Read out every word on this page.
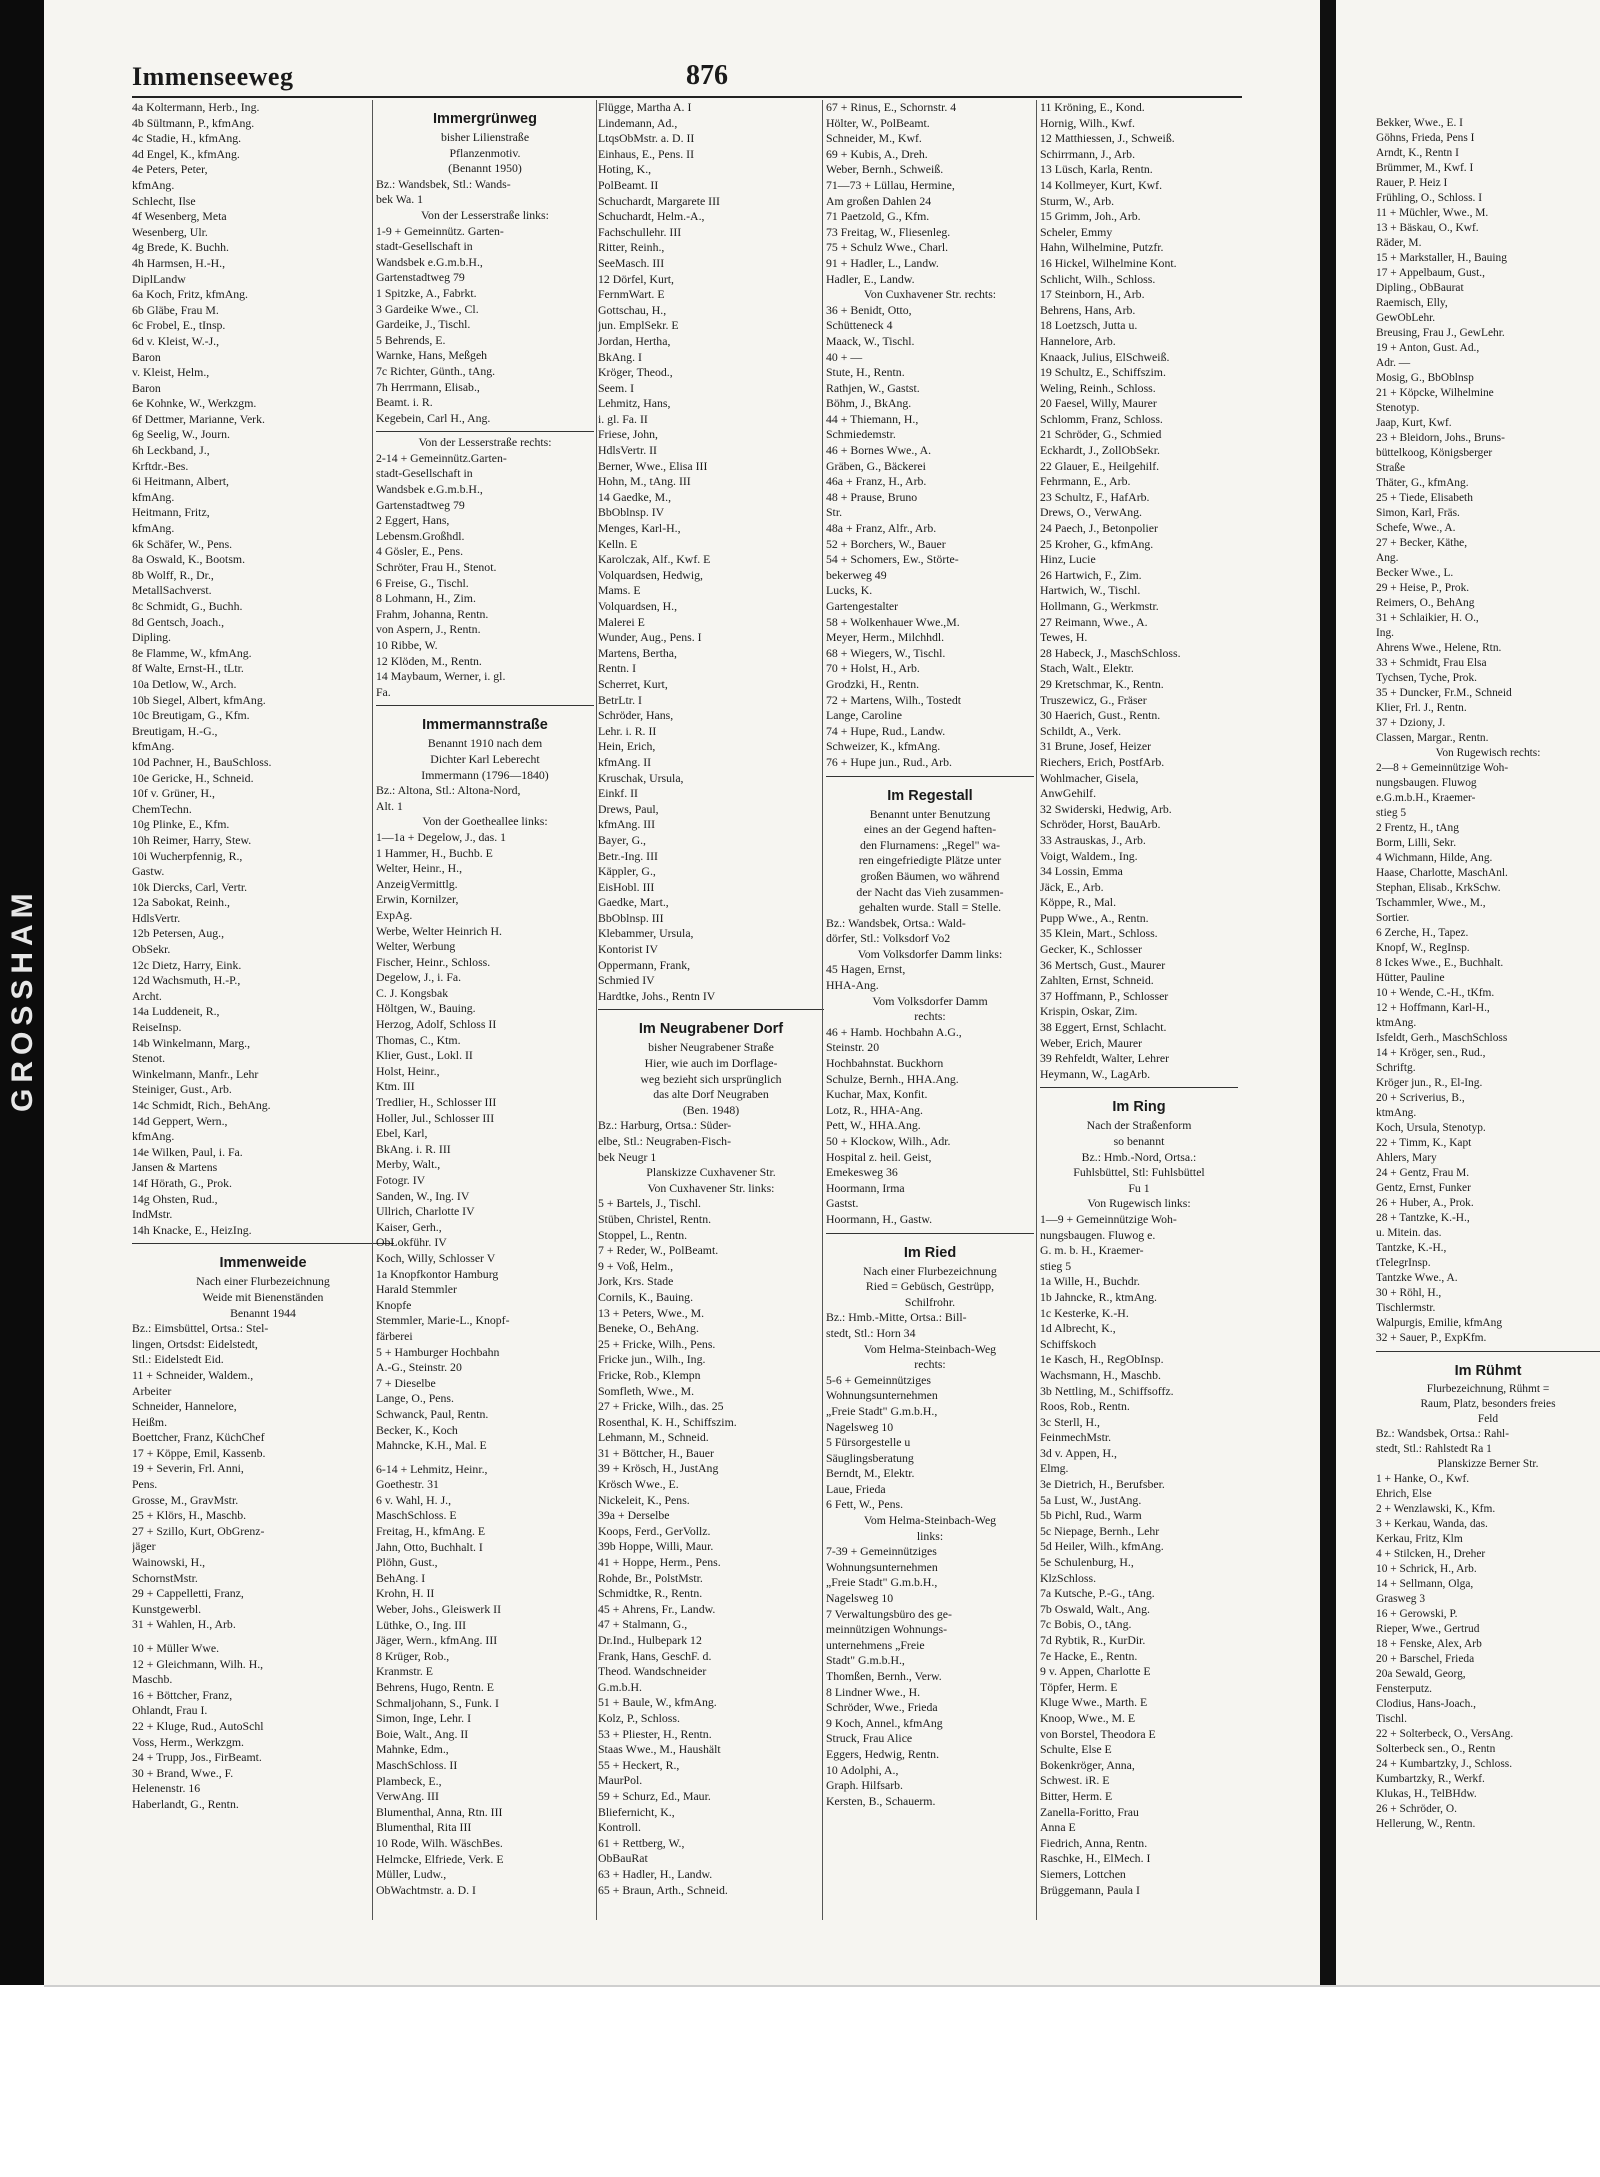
GROSSHAM
Immenseeweg	876
4a Koltermann, Herb., Ing.
4b Sültmann, P., kfmAng.
4c Stadie, H., kfmAng.
4d Engel, K., kfmAng.
4e Peters, Peter,
kfmAng.
Schlecht, Ilse
4f Wesenberg, Meta
Wesenberg, Ulr.
4g Brede, K. Buchh.
4h Harmsen, H.-H.,
DiplLandw
6a Koch, Fritz, kfmAng.
6b Gläbe, Frau M.
6c Frobel, E., tInsp.
6d v. Kleist, W.-J.,
Baron
v. Kleist, Helm.,
Baron
6e Kohnke, W., Werkzgm.
6f Dettmer, Marianne, Verk.
6g Seelig, W., Journ.
6h Leckband, J.,
Krftdr.-Bes.
6i Heitmann, Albert,
kfmAng.
Heitmann, Fritz,
kfmAng.
6k Schäfer, W., Pens.
8a Oswald, K., Bootsm.
8b Wolff, R., Dr.,
MetallSachverst.
8c Schmidt, G., Buchh.
8d Gentsch, Joach.,
Dipling.
8e Flamme, W., kfmAng.
8f Walte, Ernst-H., tLtr.
10a Detlow, W., Arch.
10b Siegel, Albert, kfmAng.
10c Breutigam, G., Kfm.
Breutigam, H.-G.,
kfmAng.
10d Pachner, H., BauSchloss.
10e Gericke, H., Schneid.
10f v. Grüner, H.,
ChemTechn.
10g Plinke, E., Kfm.
10h Reimer, Harry, Stew.
10i Wucherpfennig, R.,
Gastw.
10k Diercks, Carl, Vertr.
12a Sabokat, Reinh.,
HdlsVertr.
12b Petersen, Aug.,
ObSekr.
12c Dietz, Harry, Eink.
12d Wachsmuth, H.-P.,
Archt.
14a Luddeneit, R.,
ReiseInsp.
14b Winkelmann, Marg.,
Stenot.
Winkelmann, Manfr., Lehr
Steiniger, Gust., Arb.
14c Schmidt, Rich., BehAng.
14d Geppert, Wern.,
kfmAng.
14e Wilken, Paul, i. Fa.
Jansen & Martens
14f Hörath, G., Prok.
14g Ohsten, Rud.,
IndMstr.
14h Knacke, E., HeizIng.
Immenweide
Nach einer Flurbezeichnung
Weide mit Bienenständen
Benannt 1944
Bz.: Eimsbüttel, Ortsa.: Stel-
lingen, Ortsdst: Eidelstedt,
Stl.: Eidelstedt Eid.
11 + Schneider, Waldem.,
Arbeiter
Schneider, Hannelore,
Heißm.
Boettcher, Franz, KüchChef
17 + Köppe, Emil, Kassenb.
19 + Severin, Frl. Anni,
Pens.
Grosse, M., GravMstr.
25 + Klörs, H., Maschb.
27 + Szillo, Kurt, ObGrenz-
jäger
Wainowski, H.,
SchornstMstr.
29 + Cappelletti, Franz,
Kunstgewerbl.
31 + Wahlen, H., Arb.
10 + Müller Wwe.
12 + Gleichmann, Wilh. H.,
Maschb.
16 + Böttcher, Franz,
Ohlandt, Frau I.
22 + Kluge, Rud., AutoSchl
Voss, Herm., Werkzgm.
24 + Trupp, Jos., FirBeamt.
30 + Brand, Wwe., F.
Helenenstr. 16
Haberlandt, G., Rentn.
Immergrünweg
bisher Lilienstraße
Pflanzenmotiv.
(Benannt 1950)
Bz.: Wandsbek, Stl.: Wands-
bek Wa. 1
Von der Lesserstraße links:
1-9 + Gemeinnütz. Garten-
stadt-Gesellschaft in
Wandsbek e.G.m.b.H.,
Gartenstadtweg 79
1 Spitzke, A., Fabrkt.
3 Gardeike Wwe., Cl.
Gardeike, J., Tischl.
5 Behrends, E.
Warnke, Hans, Meßgeh
7c Richter, Günth., tAng.
7h Herrmann, Elisab.,
Beamt. i. R.
Kegebein, Carl H., Ang.
Von der Lesserstraße rechts:
2-14 + Gemeinnütz.Garten-
stadt-Gesellschaft in
Wandsbek e.G.m.b.H.,
Gartenstadtweg 79
2 Eggert, Hans,
Lebensm.Großhdl.
4 Gösler, E., Pens.
Schröter, Frau H., Stenot.
6 Freise, G., Tischl.
8 Lohmann, H., Zim.
Frahm, Johanna, Rentn.
von Aspern, J., Rentn.
10 Ribbe, W.
12 Klöden, M., Rentn.
14 Maybaum, Werner, i. gl.
Fa.
Immermannstraße
Benannt 1910 nach dem
Dichter Karl Leberecht
Immermann (1796—1840)
Bz.: Altona, Stl.: Altona-Nord,
Alt. 1
Von der Goetheallee links:
1—1a + Degelow, J., das. 1
1 Hammer, H., Buchb. E
Welter, Heinr., H.,
AnzeigVermittlg.
Erwin, Kornilzer,
ExpAg.
Werbe, Welter Heinrich H.
Welter, Werbung
Fischer, Heinr., Schloss.
Degelow, J., i. Fa.
C. J. Kongsbak
Höltgen, W., Bauing.
Herzog, Adolf, Schloss II
Thomas, C., Ktm.
Klier, Gust., Lokl. II
Holst, Heinr.,
Ktm. III
Tredlier, H., Schlosser III
Holler, Jul., Schlosser III
Ebel, Karl,
BkAng. i. R. III
Merby, Walt.,
Fotogr. IV
Sanden, W., Ing. IV
Ullrich, Charlotte IV
Kaiser, Gerh.,
ObLokführ. IV
Koch, Willy, Schlosser V
1a Knopfkontor Hamburg
Harald Stemmler
Knopfe
Stemmler, Marie-L., Knopf-
färberei
5 + Hamburger Hochbahn
A.-G., Steinstr. 20
7 + Dieselbe
Lange, O., Pens.
Schwanck, Paul, Rentn.
Becker, K., Koch
Mahncke, K.H., Mal. E
6-14 + Lehmitz, Heinr.,
Goethestr. 31
6 v. Wahl, H. J.,
MaschSchloss. E
Freitag, H., kfmAng. E
Jahn, Otto, Buchhalt. I
Plöhn, Gust.,
BehAng. I
Krohn, H. II
Weber, Johs., Gleiswerk II
Lüthke, O., Ing. III
Jäger, Wern., kfmAng. III
8 Krüger, Rob.,
Kranmstr. E
Behrens, Hugo, Rentn. E
Schmaljohann, S., Funk. I
Simon, Inge, Lehr. I
Boie, Walt., Ang. II
Mahnke, Edm.,
MaschSchloss. II
Plambeck, E.,
VerwAng. III
Blumenthal, Anna, Rtn. III
Blumenthal, Rita III
10 Rode, Wilh. WäschBes.
Helmcke, Elfriede, Verk. E
Müller, Ludw.,
ObWachtmstr. a. D. I
Flügge, Martha A. I
Lindemann, Ad.,
LtqsObMstr. a. D. II
Einhaus, E., Pens. II
Hoting, K.,
PolBeamt. II
Schuchardt, Margarete III
Schuchardt, Helm.-A.,
Fachschullehr. III
Ritter, Reinh.,
SeeMasch. III
12 Dörfel, Kurt,
FernmWart. E
Gottschau, H.,
jun. EmplSekr. E
Jordan, Hertha,
BkAng. I
Kröger, Theod.,
Seem. I
Lehmitz, Hans,
i. gl. Fa. II
Friese, John,
HdlsVertr. II
Berner, Wwe., Elisa III
Hohn, M., tAng. III
14 Gaedke, M.,
BbOblnsp. IV
Menges, Karl-H.,
Kelln. E
Karolczak, Alf., Kwf. E
Volquardsen, Hedwig,
Mams. E
Volquardsen, H.,
Malerei E
Wunder, Aug., Pens. I
Martens, Bertha,
Rentn. I
Scherret, Kurt,
BetrLtr. I
Schröder, Hans,
Lehr. i. R. II
Hein, Erich,
kfmAng. II
Kruschak, Ursula,
Einkf. II
Drews, Paul,
kfmAng. III
Bayer, G.,
Betr.-Ing. III
Käppler, G.,
EisHobl. III
Gaedke, Mart.,
BbOblnsp. III
Klebammer, Ursula,
Kontorist IV
Oppermann, Frank,
Schmied IV
Hardtke, Johs., Rentn IV
Im Neugrabener Dorf
bisher Neugrabener Straße
Hier, wie auch im Dorflage-
weg bezieht sich ursprünglich
das alte Dorf Neugraben
(Ben. 1948)
Bz.: Harburg, Ortsa.: Süder-
elbe, Stl.: Neugraben-Fisch-
bek Neugr 1
Planskizze Cuxhavener Str.
Von Cuxhavener Str. links:
5 + Bartels, J., Tischl.
Stüben, Christel, Rentn.
Stoppel, L., Rentn.
7 + Reder, W., PolBeamt.
9 + Voß, Helm.,
Jork, Krs. Stade
Cornils, K., Bauing.
13 + Peters, Wwe., M.
Beneke, O., BehAng.
25 + Fricke, Wilh., Pens.
Fricke jun., Wilh., Ing.
Fricke, Rob., Klempn
Somfleth, Wwe., M.
27 + Fricke, Wilh., das. 25
Rosenthal, K. H., Schiffszim.
Lehmann, M., Schneid.
31 + Böttcher, H., Bauer
39 + Krösch, H., JustAng
Krösch Wwe., E.
Nickeleit, K., Pens.
39a + Derselbe
Koops, Ferd., GerVollz.
39b Hoppe, Willi, Maur.
41 + Hoppe, Herm., Pens.
Rohde, Br., PolstMstr.
Schmidtke, R., Rentn.
45 + Ahrens, Fr., Landw.
47 + Stalmann, G.,
Dr.Ind., Hulbepark 12
Frank, Hans, GeschF. d.
Theod. Wandschneider
G.m.b.H.
51 + Baule, W., kfmAng.
Kolz, P., Schloss.
53 + Pliester, H., Rentn.
Staas Wwe., M., Haushält
55 + Heckert, R.,
MaurPol.
59 + Schurz, Ed., Maur.
Bliefernicht, K.,
Kontroll.
61 + Rettberg, W.,
ObBauRat
63 + Hadler, H., Landw.
65 + Braun, Arth., Schneid.
67 + Rinus, E., Schornstr. 4
Hölter, W., PolBeamt.
Schneider, M., Kwf.
69 + Kubis, A., Dreh.
Weber, Bernh., Schweiß.
71—73 + Lüllau, Hermine,
Am großen Dahlen 24
71 Paetzold, G., Kfm.
73 Freitag, W., Fliesenleg.
75 + Schulz Wwe., Charl.
91 + Hadler, L., Landw.
Hadler, E., Landw.
Von Cuxhavener Str. rechts:
36 + Benidt, Otto,
Schütteneck 4
Maack, W., Tischl.
40 + —
Stute, H., Rentn.
Rathjen, W., Gastst.
Böhm, J., BkAng.
44 + Thiemann, H.,
Schmiedemstr.
46 + Bornes Wwe., A.
Gräben, G., Bäckerei
46a + Franz, H., Arb.
48 + Prause, Bruno
Str.
48a + Franz, Alfr., Arb.
52 + Borchers, W., Bauer
54 + Schomers, Ew., Störte-
bekerweg 49
Lucks, K.
Gartengestalter
58 + Wolkenhauer Wwe.,M.
Meyer, Herm., Milchhdl.
68 + Wiegers, W., Tischl.
70 + Holst, H., Arb.
Grodzki, H., Rentn.
72 + Martens, Wilh., Tostedt
Lange, Caroline
74 + Hupe, Rud., Landw.
Schweizer, K., kfmAng.
76 + Hupe jun., Rud., Arb.
Im Regestall
Benannt unter Benutzung
eines an der Gegend haften-
den Flurnamens: „Regel" wa-
ren eingefriedigte Plätze unter
großen Bäumen, wo während
der Nacht das Vieh zusammen-
gehalten wurde. Stall = Stelle.
Bz.: Wandsbek, Ortsa.: Wald-
dörfer, Stl.: Volksdorf Vo2
Vom Volksdorfer Damm links:
45 Hagen, Ernst,
HHA-Ang.
Vom Volksdorfer Damm
rechts:
46 + Hamb. Hochbahn A.G.,
Steinstr. 20
Hochbahnstat. Buckhorn
Schulze, Bernh., HHA.Ang.
Kuchar, Max, Konfit.
Lotz, R., HHA-Ang.
Pett, W., HHA.Ang.
50 + Klockow, Wilh., Adr.
Hospital z. heil. Geist,
Emekesweg 36
Hoormann, Irma
Gastst.
Hoormann, H., Gastw.
Im Ried
Nach einer Flurbezeichnung
Ried = Gebüsch, Gestrüpp,
Schilfrohr.
Bz.: Hmb.-Mitte, Ortsa.: Bill-
stedt, Stl.: Horn 34
Vom Helma-Steinbach-Weg
rechts:
5-6 + Gemeinnütziges
Wohnungsunternehmen
„Freie Stadt" G.m.b.H.,
Nagelsweg 10
5 Fürsorgestelle u
Säuglingsberatung
Berndt, M., Elektr.
Laue, Frieda
6 Fett, W., Pens.
Vom Helma-Steinbach-Weg
links:
7-39 + Gemeinnütziges
Wohnungsunternehmen
„Freie Stadt" G.m.b.H.,
Nagelsweg 10
7 Verwaltungsbüro des ge-
meinnützigen Wohnungs-
unternehmens „Freie
Stadt" G.m.b.H.,
Thomßen, Bernh., Verw.
8 Lindner Wwe., H.
Schröder, Wwe., Frieda
9 Koch, Annel., kfmAng
Struck, Frau Alice
Eggers, Hedwig, Rentn.
10 Adolphi, A.,
Graph. Hilfsarb.
Kersten, B., Schauerm.
11 Kröning, E., Kond.
Hornig, Wilh., Kwf.
12 Matthiessen, J., Schweiß.
Schirrmann, J., Arb.
13 Lüsch, Karla, Rentn.
14 Kollmeyer, Kurt, Kwf.
Sturm, W., Arb.
15 Grimm, Joh., Arb.
Scheler, Emmy
Hahn, Wilhelmine, Putzfr.
16 Hickel, Wilhelmine Kont.
Schlicht, Wilh., Schloss.
17 Steinborn, H., Arb.
Behrens, Hans, Arb.
18 Loetzsch, Jutta u.
Hannelore, Arb.
Knaack, Julius, ElSchweiß.
19 Schultz, E., Schiffszim.
Weling, Reinh., Schloss.
20 Faesel, Willy, Maurer
Schlomm, Franz, Schloss.
21 Schröder, G., Schmied
Eckhardt, J., ZollObSekr.
22 Glauer, E., Heilgehilf.
Fehrmann, E., Arb.
23 Schultz, F., HafArb.
Drews, O., VerwAng.
24 Paech, J., Betonpolier
25 Kroher, G., kfmAng.
Hinz, Lucie
26 Hartwich, F., Zim.
Hartwich, W., Tischl.
Hollmann, G., Werkmstr.
27 Reimann, Wwe., A.
Tewes, H.
28 Habeck, J., MaschSchloss.
Stach, Walt., Elektr.
29 Kretschmar, K., Rentn.
Truszewicz, G., Fräser
30 Haerich, Gust., Rentn.
Schildt, A., Verk.
31 Brune, Josef, Heizer
Riechers, Erich, PostfArb.
Wohlmacher, Gisela,
AnwGehilf.
32 Swiderski, Hedwig, Arb.
Schröder, Horst, BauArb.
33 Astrauskas, J., Arb.
Voigt, Waldem., Ing.
34 Lossin, Emma
Jäck, E., Arb.
Köppe, R., Mal.
Pupp Wwe., A., Rentn.
35 Klein, Mart., Schloss.
Gecker, K., Schlosser
36 Mertsch, Gust., Maurer
Zahlten, Ernst, Schneid.
37 Hoffmann, P., Schlosser
Krispin, Oskar, Zim.
38 Eggert, Ernst, Schlacht.
Weber, Erich, Maurer
39 Rehfeldt, Walter, Lehrer
Heymann, W., LagArb.
Im Ring
Nach der Straßenform
so benannt
Bz.: Hmb.-Nord, Ortsa.:
Fuhlsbüttel, Stl: Fuhlsbüttel
Fu 1
Von Rugewisch links:
1—9 + Gemeinnützige Woh-
nungsbaugen. Fluwog e.
G. m. b. H., Kraemer-
stieg 5
1a Wille, H., Buchdr.
1b Jahncke, R., ktmAng.
1c Kesterke, K.-H.
1d Albrecht, K.,
Schiffskoch
1e Kasch, H., RegObInsp.
Wachsmann, H., Maschb.
3b Nettling, M., Schiffsoffz.
Roos, Rob., Rentn.
3c Sterll, H.,
FeinmechMstr.
3d v. Appen, H.,
Elmg.
3e Dietrich, H., Berufsber.
5a Lust, W., JustAng.
5b Pichl, Rud., Warm
5c Niepage, Bernh., Lehr
5d Heiler, Wilh., kfmAng.
5e Schulenburg, H.,
KlzSchloss.
7a Kutsche, P.-G., tAng.
7b Oswald, Walt., Ang.
7c Bobis, O., tAng.
7d Rybtik, R., KurDir.
7e Hacke, E., Rentn.
9 v. Appen, Charlotte E
Töpfer, Herm. E
Kluge Wwe., Marth. E
Knoop, Wwe., M. E
von Borstel, Theodora E
Schulte, Else E
Bokenkröger, Anna,
Schwest. iR. E
Bitter, Herm. E
Zanella-Foritto, Frau
Anna E
Fiedrich, Anna, Rentn.
Raschke, H., ElMech. I
Siemers, Lottchen
Brüggemann, Paula I
Bekker, Wwe., E. I
Göhns, Frieda, Pens I
Arndt, K., Rentn I
Brümmer, M., Kwf. I
Rauer, P. Heiz I
Frühling, O., Schloss. I
11 + Müchler, Wwe., M.
13 + Bäskau, O., Kwf.
Räder, M.
15 + Markstaller, H., Bauing
17 + Appelbaum, Gust.,
Dipling., ObBaurat
Raemisch, Elly,
GewObLehr.
Breusing, Frau J., GewLehr.
19 + Anton, Gust. Ad.,
Adr. —
Mosig, G., BbOblnsp
21 + Köpcke, Wilhelmine
Stenotyp.
Jaap, Kurt, Kwf.
23 + Bleidorn, Johs., Bruns-
büttelkoog, Königsberger
Straße
Thäter, G., kfmAng.
25 + Tiede, Elisabeth
Simon, Karl, Fräs.
Schefe, Wwe., A.
27 + Becker, Käthe,
Ang.
Becker Wwe., L.
29 + Heise, P., Prok.
Reimers, O., BehAng
31 + Schlaikier, H. O.,
Ing.
Ahrens Wwe., Helene, Rtn.
33 + Schmidt, Frau Elsa
Tychsen, Tyche, Prok.
35 + Duncker, Fr.M., Schneid
Klier, Frl. J., Rentn.
37 + Dziony, J.
Classen, Margar., Rentn.
Von Rugewisch rechts:
2—8 + Gemeinnützige Woh-
nungsbaugen. Fluwog
e.G.m.b.H., Kraemer-
stieg 5
2 Frentz, H., tAng
Borm, Lilli, Sekr.
4 Wichmann, Hilde, Ang.
Haase, Charlotte, MaschAnl.
Stephan, Elisab., KrkSchw.
Tschammler, Wwe., M.,
Sortier.
6 Zerche, H., Tapez.
Knopf, W., RegInsp.
8 Ickes Wwe., E., Buchhalt.
Hütter, Pauline
10 + Wende, C.-H., tKfm.
12 + Hoffmann, Karl-H.,
ktmAng.
Isfeldt, Gerh., MaschSchloss
14 + Kröger, sen., Rud.,
Schriftg.
Kröger jun., R., El-Ing.
20 + Scriverius, B.,
ktmAng.
Koch, Ursula, Stenotyp.
22 + Timm, K., Kapt
Ahlers, Mary
24 + Gentz, Frau M.
Gentz, Ernst, Funker
26 + Huber, A., Prok.
28 + Tantzke, K.-H.,
u. Mitein. das.
Tantzke, K.-H.,
tTelegrInsp.
Tantzke Wwe., A.
30 + Röhl, H.,
Tischlermstr.
Walpurgis, Emilie, kfmAng
32 + Sauer, P., ExpKfm.
Im Rühmt
Flurbezeichnung, Rühmt =
Raum, Platz, besonders freies
Feld
Bz.: Wandsbek, Ortsa.: Rahl-
stedt, Stl.: Rahlstedt Ra 1
Planskizze Berner Str.
1 + Hanke, O., Kwf.
Ehrich, Else
2 + Wenzlawski, K., Kfm.
3 + Kerkau, Wanda, das.
Kerkau, Fritz, Klm
4 + Stilcken, H., Dreher
10 + Schrick, H., Arb.
14 + Sellmann, Olga,
Grasweg 3
16 + Gerowski, P.
Rieper, Wwe., Gertrud
18 + Fenske, Alex, Arb
20 + Barschel, Frieda
20a Sewald, Georg,
Fensterputz.
Clodius, Hans-Joach.,
Tischl.
22 + Solterbeck, O., VersAng.
Solterbeck sen., O., Rentn
24 + Kumbartzky, J., Schloss.
Kumbartzky, R., Werkf.
Klukas, H., TelBHdw.
26 + Schröder, O.
Hellerung, W., Rentn.
